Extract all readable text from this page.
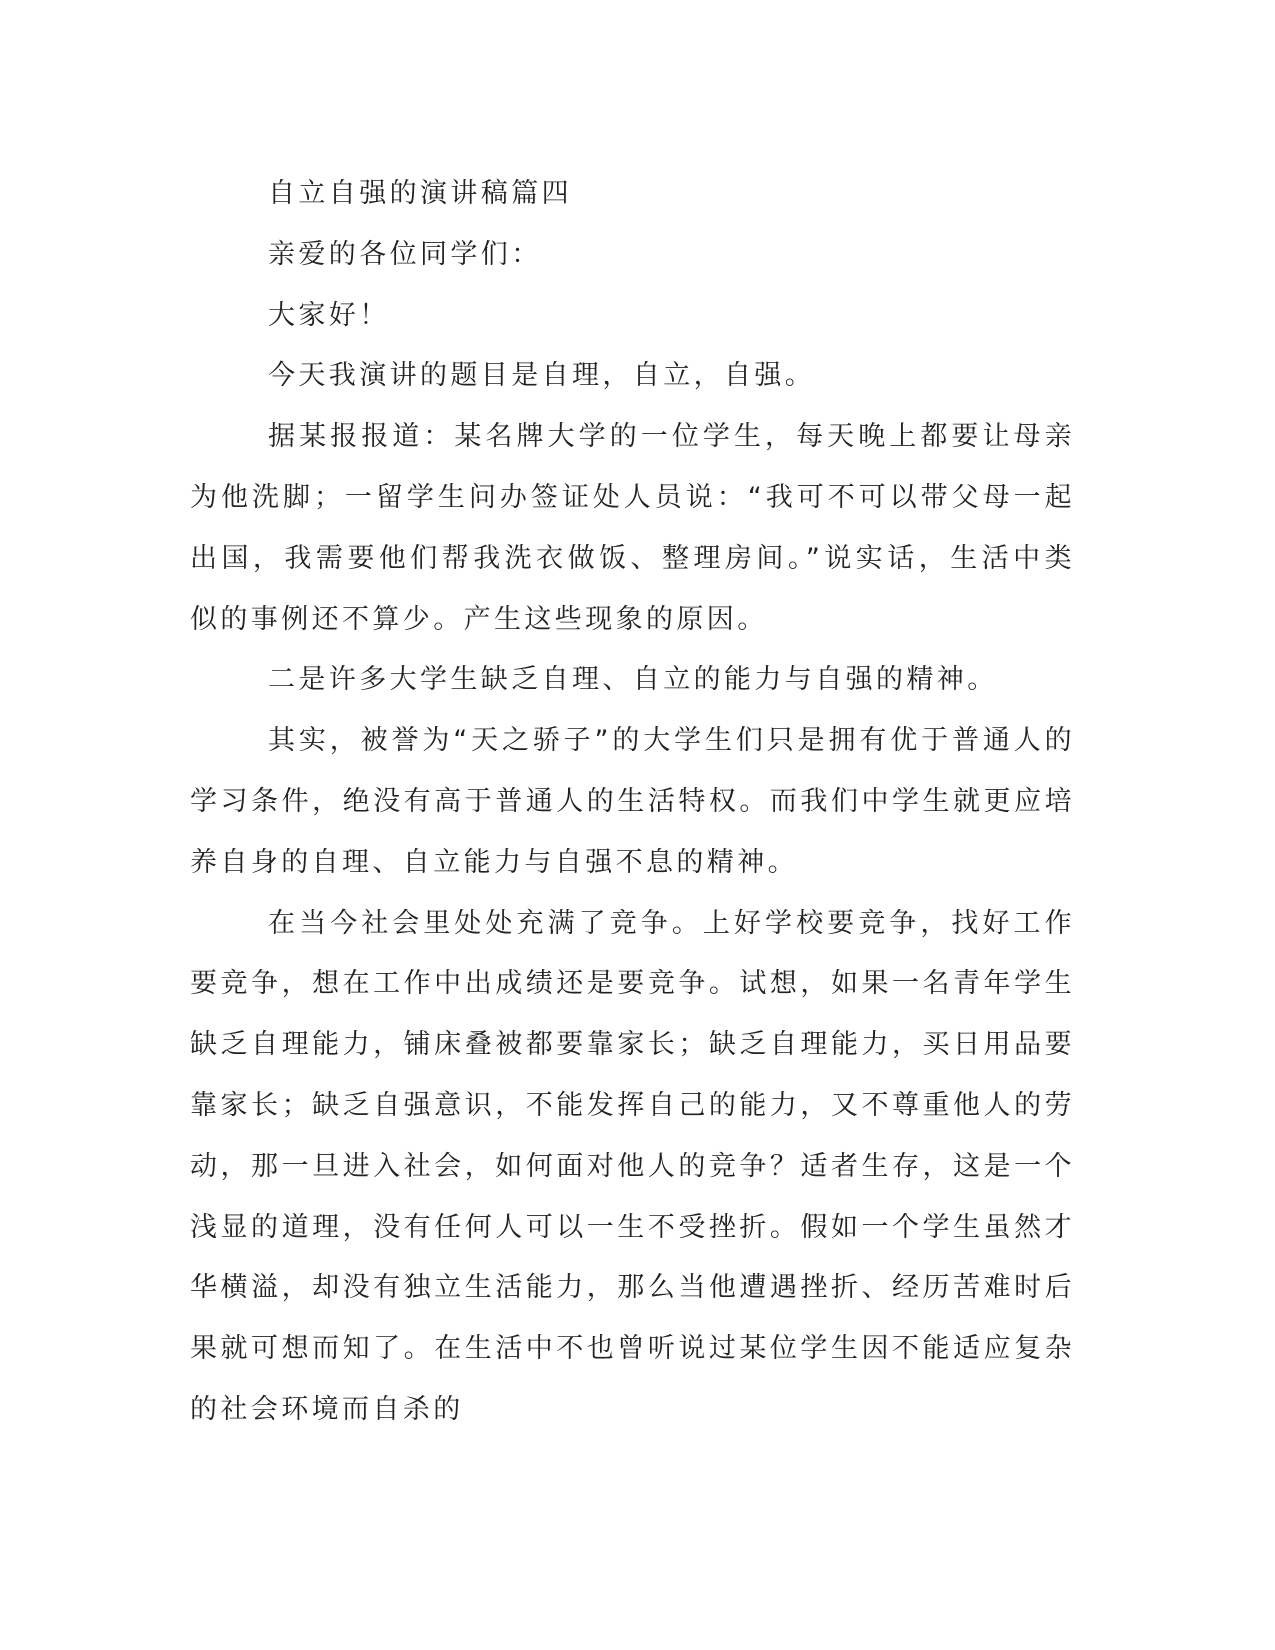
自立自强的演讲稿篇四

亲爱的各位同学们：

大家好！

今天我演讲的题目是自理，自立，自强。

据某报报道：某名牌大学的一位学生，每天晚上都要让母亲为他洗脚；一留学生问办签证处人员说：“我可不可以带父母一起出国，我需要他们帮我洗衣做饭、整理房间。”说实话，生活中类似的事例还不算少。产生这些现象的原因。

二是许多大学生缺乏自理、自立的能力与自强的精神。

其实，被誉为“天之骄子”的大学生们只是拥有优于普通人的学习条件，绝没有高于普通人的生活特权。而我们中学生就更应培养自身的自理、自立能力与自强不息的精神。

在当今社会里处处充满了竞争。上好学校要竞争，找好工作要竞争，想在工作中出成绩还是要竞争。试想，如果一名青年学生缺乏自理能力，铺床叠被都要靠家长；缺乏自理能力，买日用品要靠家长；缺乏自强意识，不能发挥自己的能力，又不尊重他人的劳动，那一旦进入社会，如何面对他人的竞争？适者生存，这是一个浅显的道理，没有任何人可以一生不受挫折。假如一个学生虽然才华横溢，却没有独立生活能力，那么当他遭遇挫折、经历苦难时后果就可想而知了。在生活中不也曾听说过某位学生因不能适应复杂的社会环境而自杀的
